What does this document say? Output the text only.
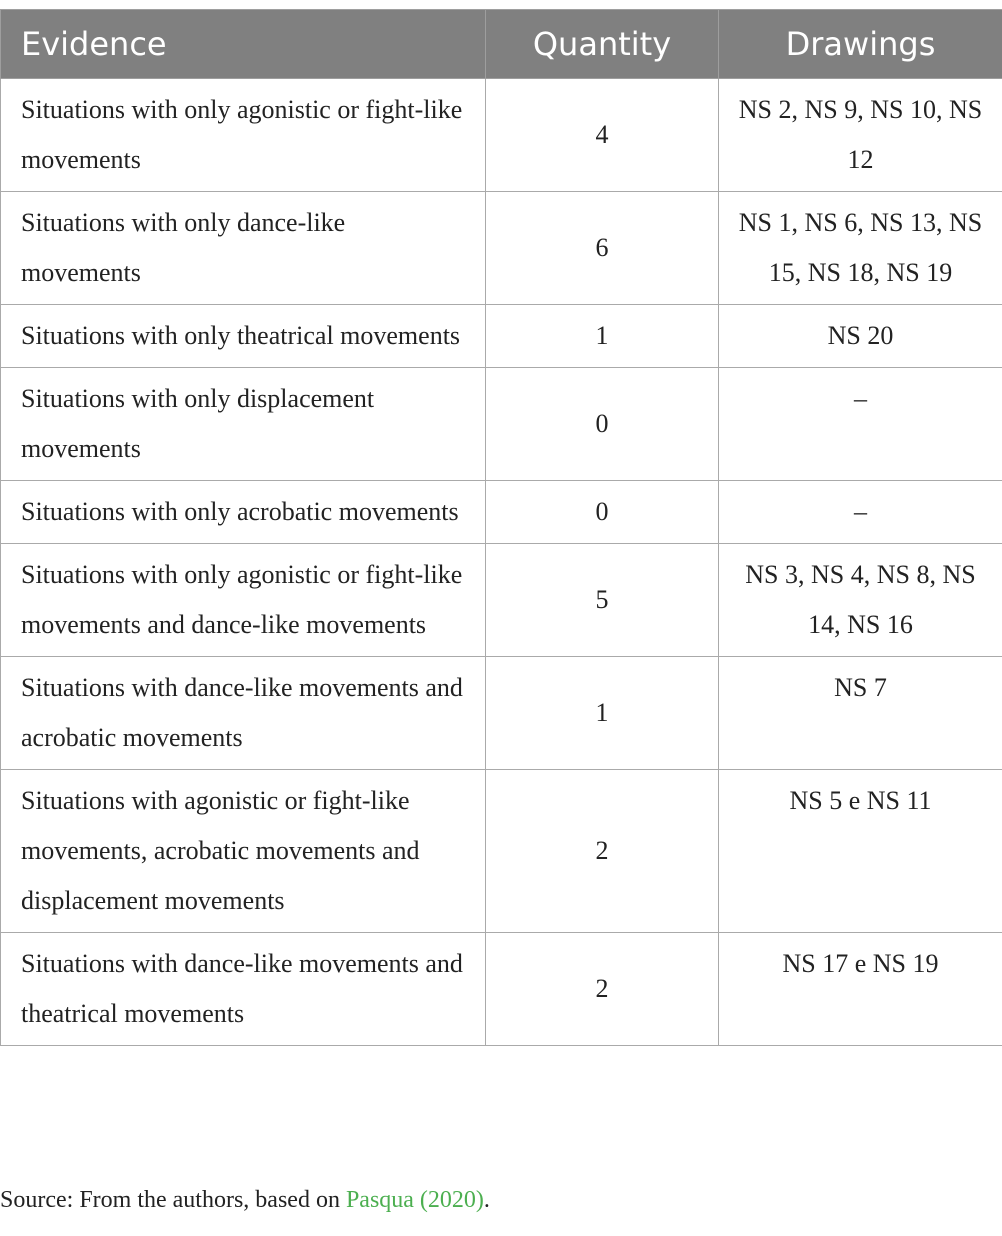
Evidence	Quantity	Drawings
Situations with only agonistic or fight-like movements	4	NS 2, NS 9, NS 10, NS 12
Situations with only dance-like movements	6	NS 1, NS 6, NS 13, NS 15, NS 18, NS 19
Situations with only theatrical movements	1	NS 20
Situations with only displacement movements	0	–
Situations with only acrobatic movements	0	–
Situations with only agonistic or fight-like movements and dance-like movements	5	NS 3, NS 4, NS 8, NS 14, NS 16
Situations with dance-like movements and acrobatic movements	1	NS 7
Situations with agonistic or fight-like movements, acrobatic movements and displacement movements	2	NS 5 e NS 11
Situations with dance-like movements and theatrical movements	2	NS 17 e NS 19
Source: From the authors, based on Pasqua (2020).
